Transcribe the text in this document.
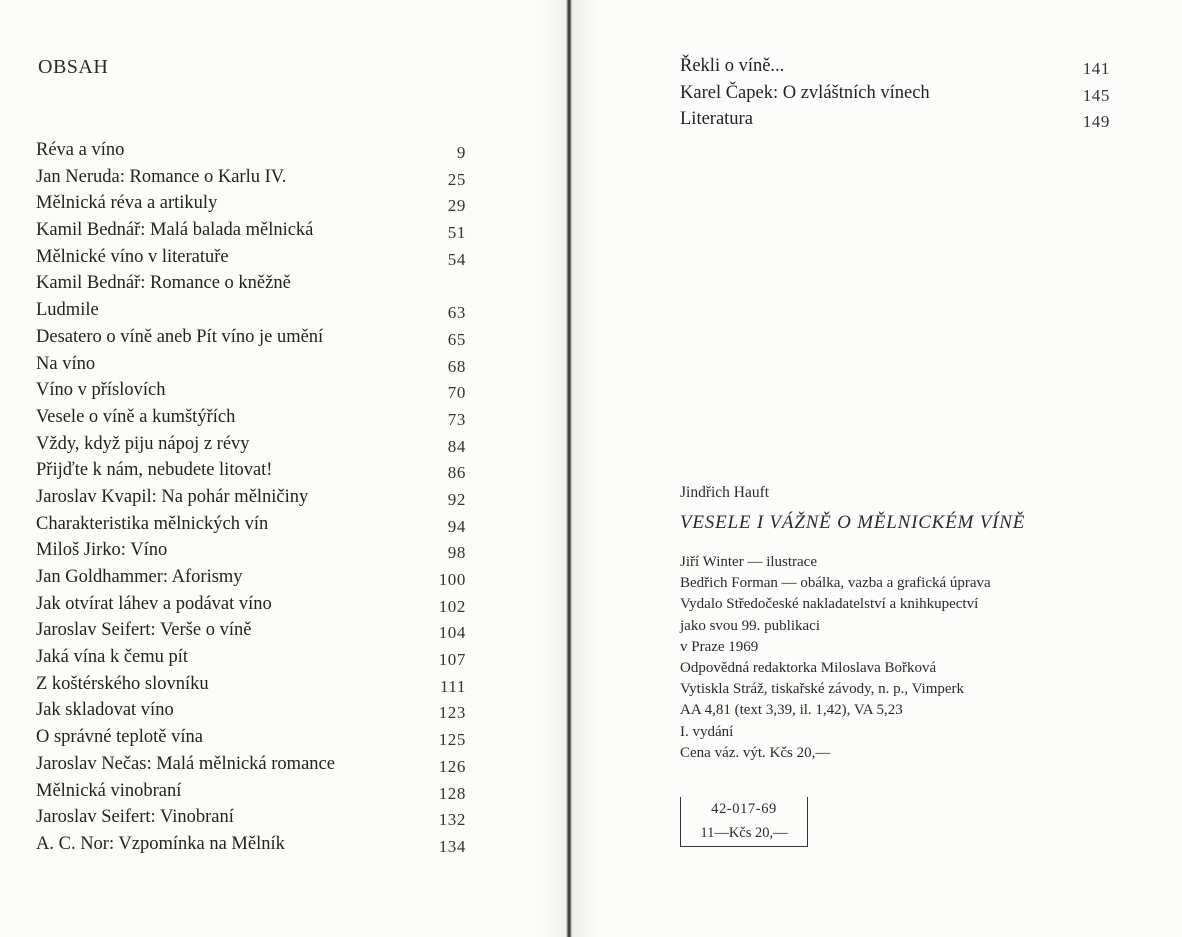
OBSAH
Réva a víno	9
Jan Neruda: Romance o Karlu IV.	25
Mělnická réva a artikuly	29
Kamil Bednář: Malá balada mělnická	51
Mělnické víno v literatuře	54
Kamil Bednář: Romance o kněžně
Ludmile	63
Desatero o víně aneb Pít víno je umění	65
Na víno	68
Víno v příslovích	70
Vesele o víně a kumštýřích	73
Vždy, když piju nápoj z révy	84
Přijďte k nám, nebudete litovat!	86
Jaroslav Kvapil: Na pohár mělničiny	92
Charakteristika mělnických vín	94
Miloš Jirko: Víno	98
Jan Goldhammer: Aforismy	100
Jak otvírat láhev a podávat víno	102
Jaroslav Seifert: Verše o víně	104
Jaká vína k čemu pít	107
Z koštérského slovníku	111
Jak skladovat víno	123
O správné teplotě vína	125
Jaroslav Nečas: Malá mělnická romance	126
Mělnická vinobraní	128
Jaroslav Seifert: Vinobraní	132
A. C. Nor: Vzpomínka na Mělník	134
Řekli o víně...	141
Karel Čapek: O zvláštních vínech	145
Literatura	149
Jindřich Hauft
VESELE I VÁŽNĚ O MĚLNICKÉM VÍNĚ
Jiří Winter — ilustrace
Bedřich Forman — obálka, vazba a grafická úprava
Vydalo Středočeské nakladatelství a knihkupectví
jako svou 99. publikaci
v Praze 1969
Odpovědná redaktorka Miloslava Bořková
Vytiskla Stráž, tiskařské závody, n. p., Vimperk
AA 4,81 (text 3,39, il. 1,42), VA 5,23
I. vydání
Cena váz. výt. Kčs 20,—
42-017-69
11—Kčs 20,—
